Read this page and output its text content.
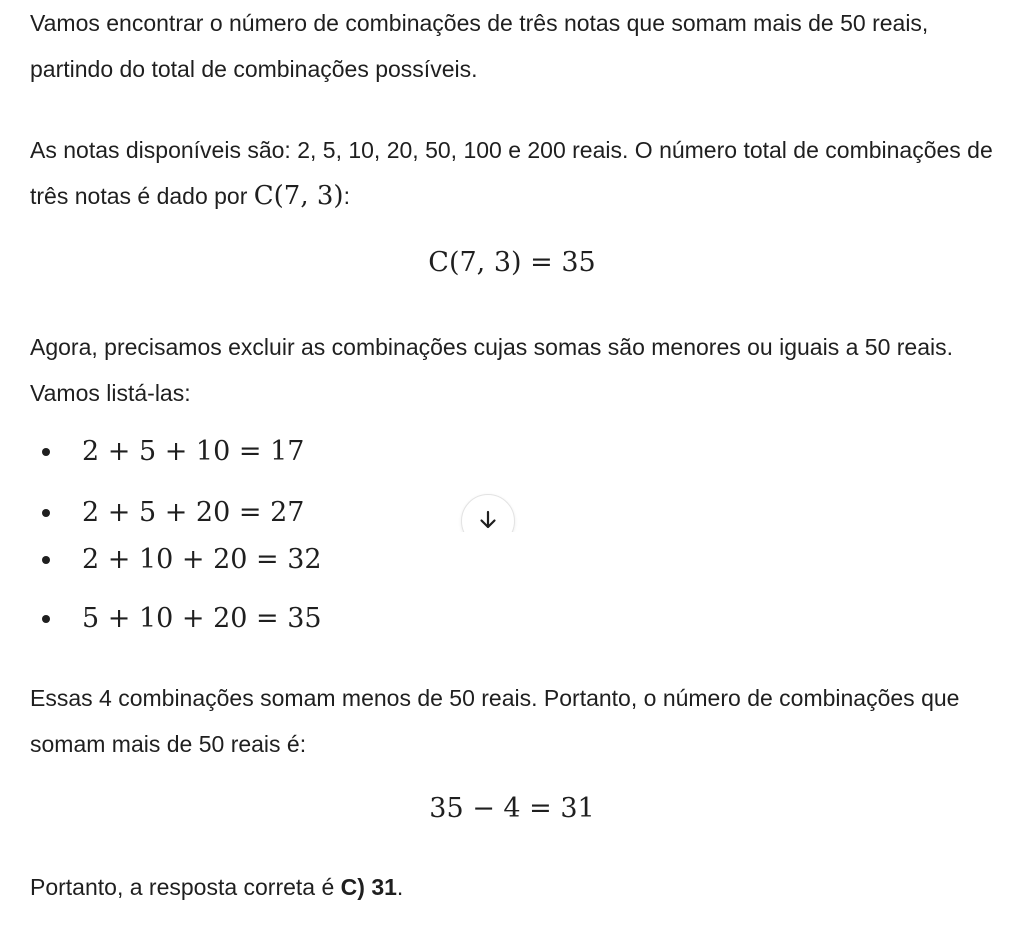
Vamos encontrar o número de combinações de três notas que somam mais de 50 reais, partindo do total de combinações possíveis.

As notas disponíveis são: 2, 5, 10, 20, 50, 100 e 200 reais. O número total de combinações de três notas é dado por C(7, 3):

Agora, precisamos excluir as combinações cujas somas são menores ou iguais a 50 reais. Vamos listá-las:

Essas 4 combinações somam menos de 50 reais. Portanto, o número de combinações que somam mais de 50 reais é:

Portanto, a resposta correta é C) 31.

2 + 5 + 10 = 17
2 + 5 + 20 = 27
2 + 10 + 20 = 32
5 + 10 + 20 = 35
C(7, 3) = 35
35 − 4 = 31
